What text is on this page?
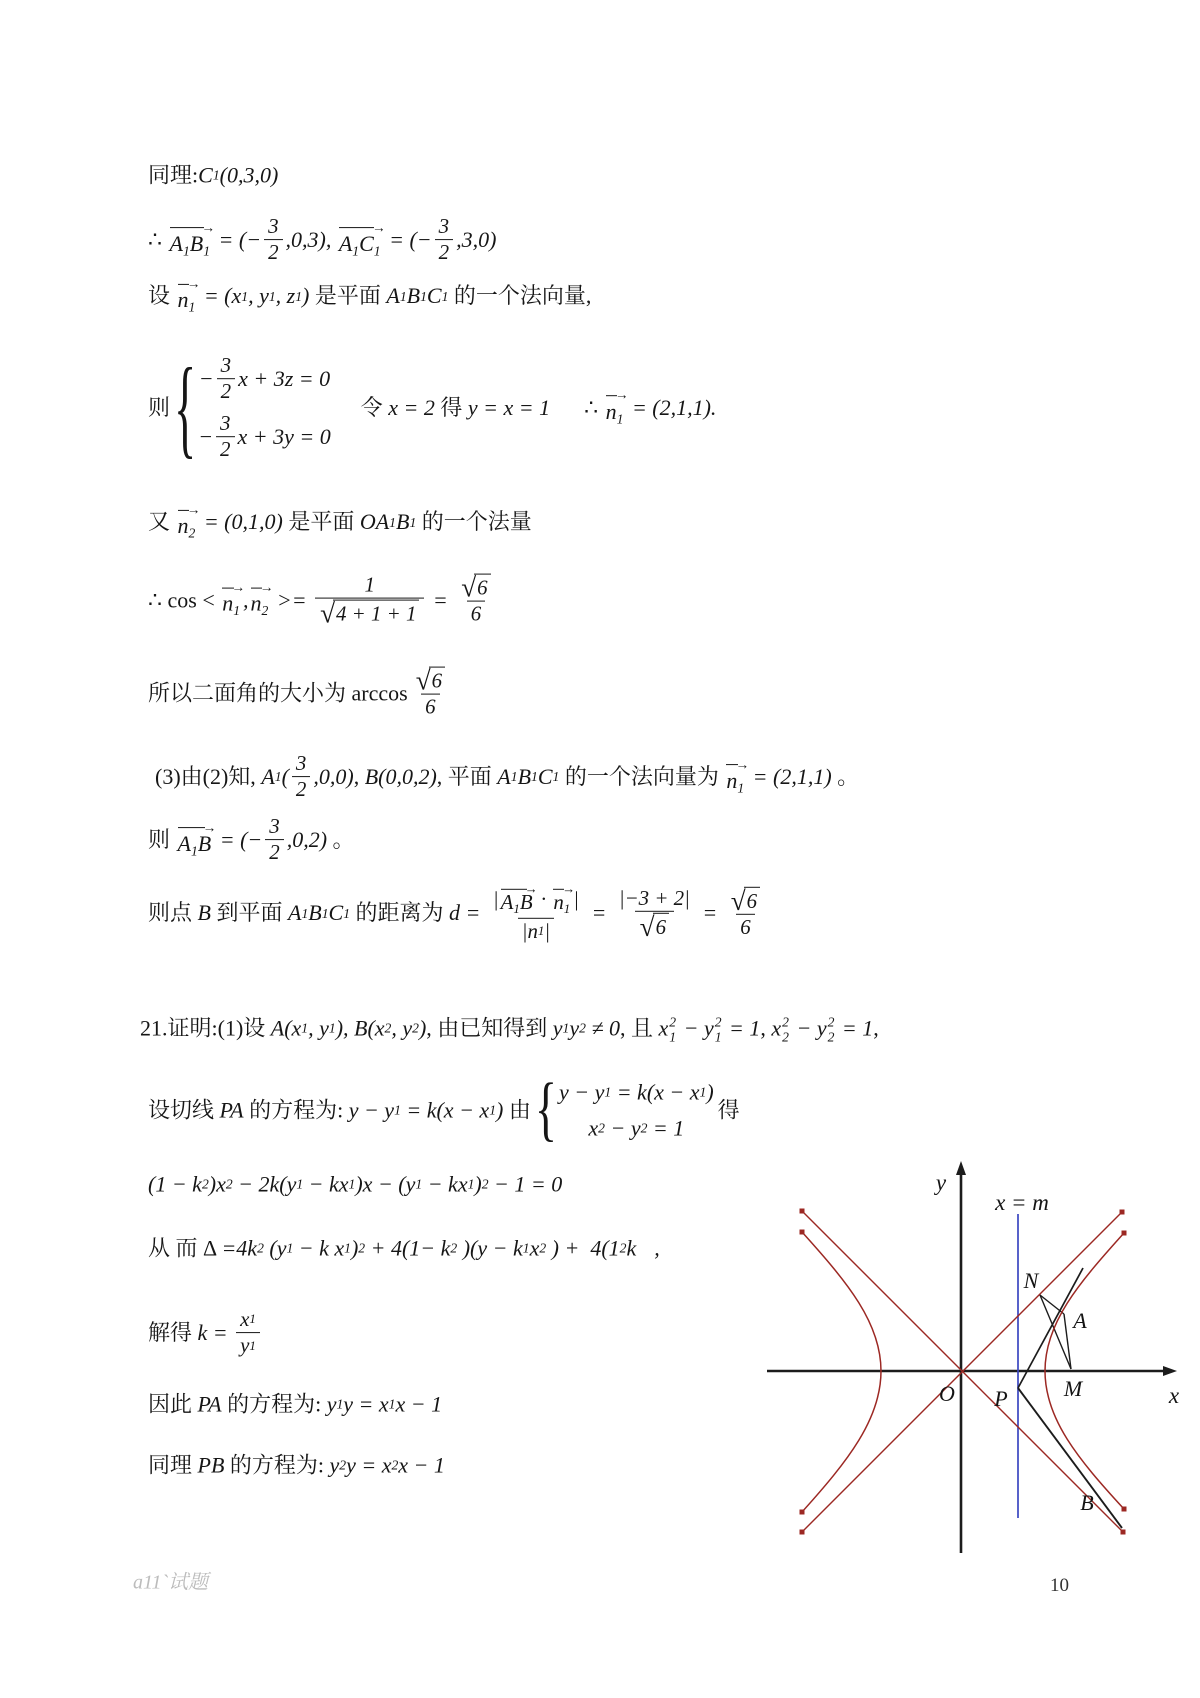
同理: C 1 (0,3,0)
∴
→
A1B1 = (− $\frac{3}{2} ,0,3$),
→
A1C1 = (− $\frac{3}{2} ,3,0$)
设
→
n1 = ( x 1 , y 1 , z 1 ) 是平面 A 1 B 1 C 1 的一个法向量,
则 { − $\frac{3}{2}$ x + 3z = 0
− $\frac{3}{2}$ x + 3y = 0
令 x = 2 得 y = x = 1 ∴
→
n1 = (2,1,1).
又
→
n2 = (0,1,0) 是平面 OA 1 B 1 的一个法量
∴ cos <
→
n1 ,
→
$n2 >= \frac{1}{√ 4 + 1 + 1} = \frac{√ 6}{6}$
所以二面角的大小为 $\arccos \frac{√ 6}{6}$
(3)由(2)知, A 1 ( $\frac{3}{2} ,0,0$) , B(0,0,2) , 平面 A 1 B 1 C 1 的一个法向量为
→
n1 = (2,1,1) 。
则
→
A1B = (− $\frac{3}{2} ,0,2$) 。
则点 B 到平面 A 1 B 1 C 1 的距离为 d = | →
A1B · →
n1 |
|n 1 | = $\frac{|-3 + 2|}{√ 6} = \frac{√ 6}{6}$
21.证明:(1)设 A(x 1 , y 1 ), B(x 2 , y 2 ) , 由已知得到 y 1 y 2 ≠ 0 , 且 x 2
1 − y 2
1 = 1 , x 2
2 − y 2
2 = 1 ,
设切线 PA 的方程为: y − y 1 = k(x − x 1 ) 由 { y − y 1 = k(x − x 1 )
x 2 − y 2 = 1
得
(1 − k 2 )x 2 − 2k(y 1 − kx 1 )x − (y 1 − kx 1 ) 2 − 1 = 0
从 而 Δ =4k 2 (y 1 − k x 1 ) 2 + 4(1− k 2 )(y − k 1 x 2 ) +  4(1 2 k ,
解得 $k = \frac{x 1}{y 1}$
因此 PA 的方程为: y 1 y = x 1 x − 1
同理 PB 的方程为: y 2 y = x 2 x − 1
a11`试题	10
y
x = m
N
A
O P	M	x
B
